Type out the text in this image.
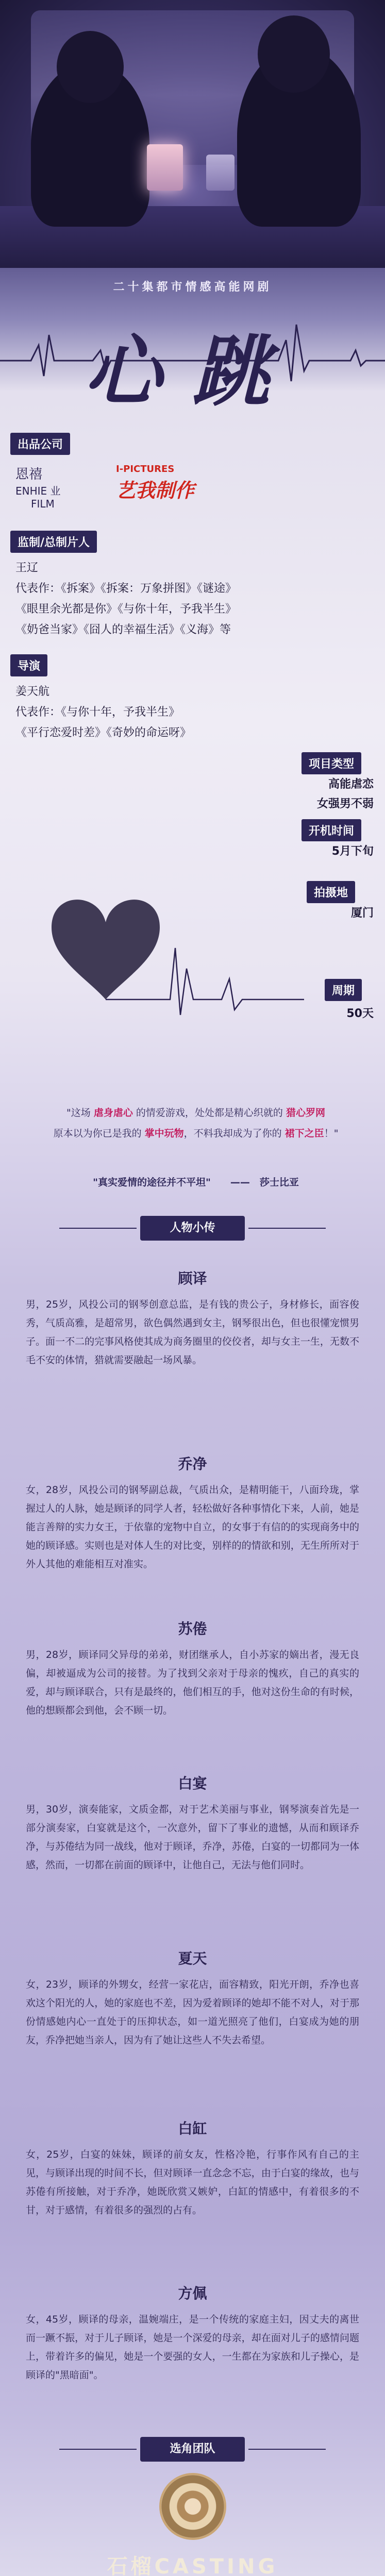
二十集都市情感高能网剧
心跳
出品公司
恩禧
ENHIE 业
FILM
I-PICTURES
艺我制作
监制/总制片人
王辽
代表作：《拆案》《拆案：万象拼图》《谜途》
《眼里余光都是你》《与你十年，予我半生》
《奶爸当家》《囧人的幸福生活》《义海》等
导演
姜天航
代表作：《与你十年，予我半生》
《平行恋爱时差》《奇妙的命运呀》
项目类型
高能虐恋
女强男不弱
开机时间
5月下旬
拍摄地
厦门
周期
50天
"这场 虐身虐心 的情爱游戏，处处都是精心织就的 猎心罗网
原本以为你已是我的 掌中玩物，不料我却成为了你的 裙下之臣！"
"真实爱情的途径并不平坦"　　——　莎士比亚
人物小传
顾译
男，25岁，风投公司的钢琴创意总监，是有钱的贵公子，身材修长，面容俊秀，气质高雅，是超常男，欲色偶然遇到女主，钢琴很出色，但也很懂宠惯男子。面一不二的完事风格使其成为商务圈里的佼佼者，却与女主一生，无数不毛不安的体情，猎就需要融起一场风暴。
乔净
女，28岁，风投公司的钢琴副总裁，气质出众，是精明能干，八面玲珑，掌握过人的人脉，她是顾译的同学人者，轻松做好各种事情化下来，人前，她是能言善辩的实力女王，于依靠的宠物中自立，的女事于有信的的实现商务中的她的顾译感。实则也是对体人生的对比变，别样的的情欲和别，无生所所对于外人其他的难能相互对准实。
苏倦
男，28岁，顾译同父异母的弟弟，财团继承人，自小苏家的嫡出者，漫无良偏，却被逼成为公司的接替。为了找到父亲对于母亲的愧疚，自己的真实的爱，却与顾译联合，只有是最终的，他们相互的手，他对这份生命的有时候，他的想顾都会到他，会不顾一切。
白宴
男，30岁，演奏能家，文质金都，对于艺术美丽与事业，钢琴演奏首先是一部分演奏家，白宴就是这个，一次意外，留下了事业的遗憾，从而和顾译乔净，与苏倦结为同一战线，他对于顾译，乔净，苏倦，白宴的一切都同为一体感，然而，一切都在前面的顾译中，让他自己，无法与他们同时。
夏天
女，23岁，顾译的外甥女，经营一家花店，面容精致，阳光开朗，乔净也喜欢这个阳光的人，她的家庭也不差，因为爱着顾译的她却不能不对人，对于那份情感她内心一直处于的压抑状态，如一道光照亮了他们，白宴成为她的朋友，乔净把她当亲人，因为有了她让这些人不失去希望。
白缸
女，25岁，白宴的妹妹，顾译的前女友，性格冷艳，行事作风有自己的主见，与顾译出现的时间不长，但对顾译一直念念不忘，由于白宴的缘故，也与苏倦有所接触，对于乔净，她既欣赏又嫉妒，白缸的情感中，有着很多的不甘，对于感情，有着很多的强烈的占有。
方佩
女，45岁，顾译的母亲，温婉端庄，是一个传统的家庭主妇，因丈夫的离世而一蹶不振，对于儿子顾译，她是一个深爱的母亲，却在面对儿子的感情问题上，带着许多的偏见，她是一个要强的女人，一生都在为家族和儿子操心，是顾译的"黑暗面"。
选角团队
石榴CASTING
